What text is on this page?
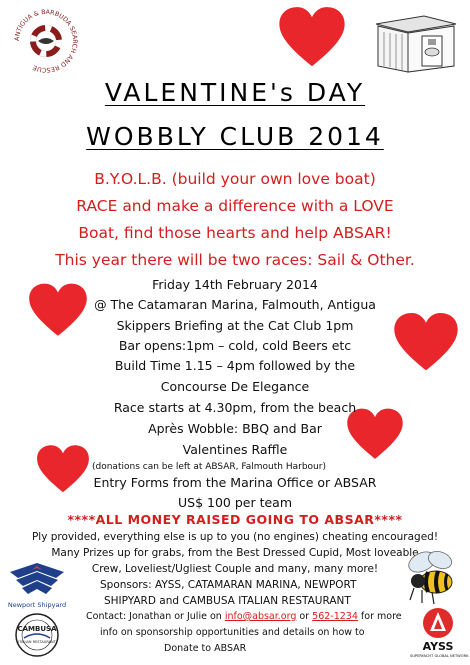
ANTIGUA & BARBUDA SEARCH AND RESCUE
VALENTINE's DAY
WOBBLY CLUB 2014
B.Y.O.L.B. (build your own love boat)
RACE and make a difference with a LOVE
Boat, find those hearts and help ABSAR!
This year there will be two races: Sail & Other.
Friday 14th February 2014
@ The Catamaran Marina, Falmouth, Antigua
Skippers Briefing at the Cat Club 1pm
Bar opens:1pm – cold, cold Beers etc
Build Time 1.15 – 4pm followed by the
Concourse De Elegance
Race starts at 4.30pm, from the beach
Après Wobble: BBQ and Bar
Valentines Raffle
(donations can be left at ABSAR, Falmouth Harbour)
Entry Forms from the Marina Office or ABSAR
US$ 100 per team
****ALL MONEY RAISED GOING TO ABSAR****
Ply provided, everything else is up to you (no engines) cheating encouraged!
Many Prizes up for grabs, from the Best Dressed Cupid, Most loveable
Crew, Loveliest/Ugliest Couple and many, many more!
Sponsors: AYSS, CATAMARAN MARINA, NEWPORT
SHIPYARD and CAMBUSA ITALIAN RESTAURANT
Contact: Jonathan or Julie on info@absar.org or 562-1234 for more
info on sponsorship opportunities and details on how to
Donate to ABSAR
Newport Shipyard
CAMBUSA
ITALIAN RESTAURANT	AYSS
SUPERYACHT GLOBAL NETWORK
